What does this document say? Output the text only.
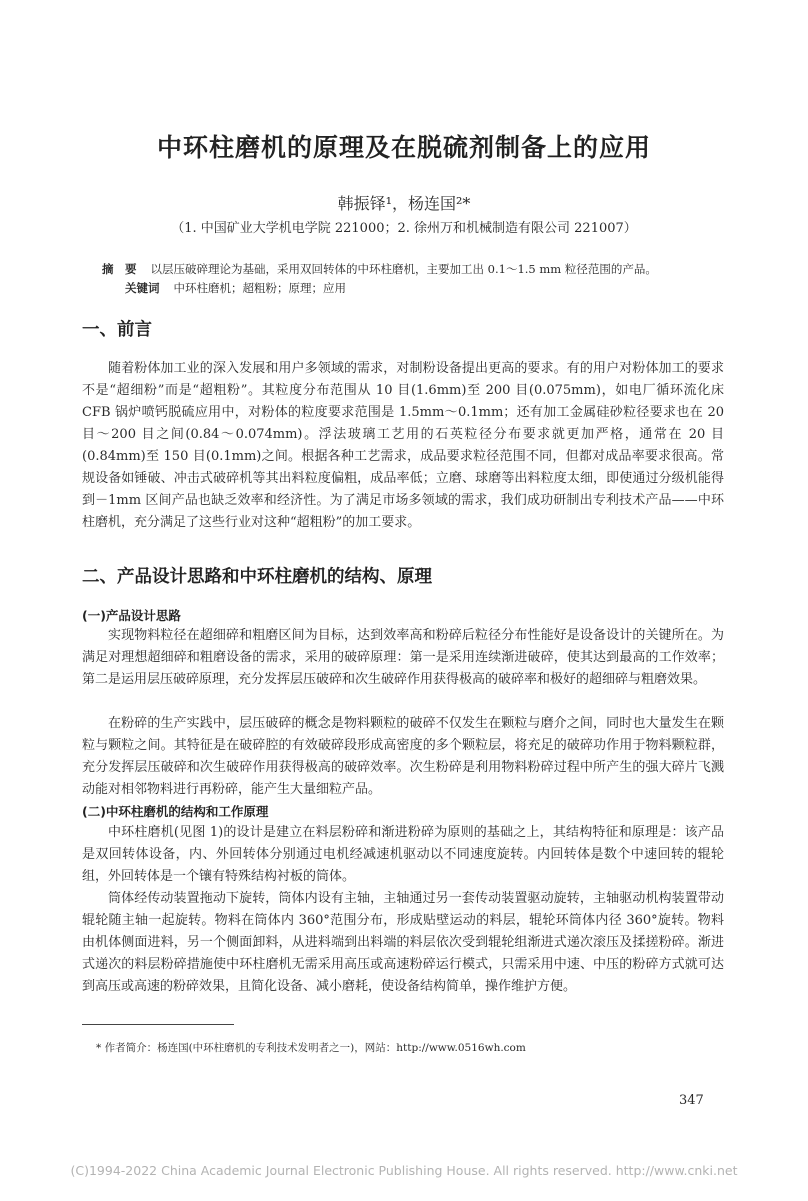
中环柱磨机的原理及在脱硫剂制备上的应用
韩振铎¹，杨连国²*
（1. 中国矿业大学机电学院 221000；2. 徐州万和机械制造有限公司 221007）
摘　要 以层压破碎理论为基础，采用双回转体的中环柱磨机，主要加工出 0.1～1.5 mm 粒径范围的产品。
关键词 中环柱磨机；超粗粉；原理；应用
一、前言
随着粉体加工业的深入发展和用户多领域的需求，对制粉设备提出更高的要求。有的用户对粉体加工的要求不是“超细粉”而是“超粗粉”。其粒度分布范围从 10 目(1.6mm)至 200 目(0.075mm)，如电厂循环流化床 CFB 锅炉喷钙脱硫应用中，对粉体的粒度要求范围是 1.5mm～0.1mm；还有加工金属硅砂粒径要求也在 20 目～200 目之间(0.84～0.074mm)。浮法玻璃工艺用的石英粒径分布要求就更加严格，通常在 20 目(0.84mm)至 150 目(0.1mm)之间。根据各种工艺需求，成品要求粒径范围不同，但都对成品率要求很高。常规设备如锤破、冲击式破碎机等其出料粒度偏粗，成品率低；立磨、球磨等出料粒度太细，即使通过分级机能得到－1mm 区间产品也缺乏效率和经济性。为了满足市场多领域的需求，我们成功研制出专利技术产品——中环柱磨机，充分满足了这些行业对这种“超粗粉”的加工要求。
二、产品设计思路和中环柱磨机的结构、原理
(一)产品设计思路
实现物料粒径在超细碎和粗磨区间为目标，达到效率高和粉碎后粒径分布性能好是设备设计的关键所在。为满足对理想超细碎和粗磨设备的需求，采用的破碎原理：第一是采用连续渐进破碎，使其达到最高的工作效率；第二是运用层压破碎原理，充分发挥层压破碎和次生破碎作用获得极高的破碎率和极好的超细碎与粗磨效果。
在粉碎的生产实践中，层压破碎的概念是物料颗粒的破碎不仅发生在颗粒与磨介之间，同时也大量发生在颗粒与颗粒之间。其特征是在破碎腔的有效破碎段形成高密度的多个颗粒层，将充足的破碎功作用于物料颗粒群，充分发挥层压破碎和次生破碎作用获得极高的破碎效率。次生粉碎是利用物料粉碎过程中所产生的强大碎片飞溅动能对相邻物料进行再粉碎，能产生大量细粒产品。
(二)中环柱磨机的结构和工作原理
中环柱磨机(见图 1)的设计是建立在料层粉碎和渐进粉碎为原则的基础之上，其结构特征和原理是：该产品是双回转体设备，内、外回转体分别通过电机经减速机驱动以不同速度旋转。内回转体是数个中速回转的辊轮组，外回转体是一个镶有特殊结构衬板的筒体。
筒体经传动装置拖动下旋转，筒体内设有主轴，主轴通过另一套传动装置驱动旋转，主轴驱动机构装置带动辊轮随主轴一起旋转。物料在筒体内 360°范围分布，形成贴壁运动的料层，辊轮环筒体内径 360°旋转。物料由机体侧面进料，另一个侧面卸料，从进料端到出料端的料层依次受到辊轮组渐进式递次滚压及揉搓粉碎。渐进式递次的料层粉碎措施使中环柱磨机无需采用高压或高速粉碎运行模式，只需采用中速、中压的粉碎方式就可达到高压或高速的粉碎效果，且简化设备、减小磨耗，使设备结构简单，操作维护方便。
* 作者简介：杨连国(中环柱磨机的专利技术发明者之一)，网站：http://www.0516wh.com
347
(C)1994-2022 China Academic Journal Electronic Publishing House. All rights reserved. http://www.cnki.net
